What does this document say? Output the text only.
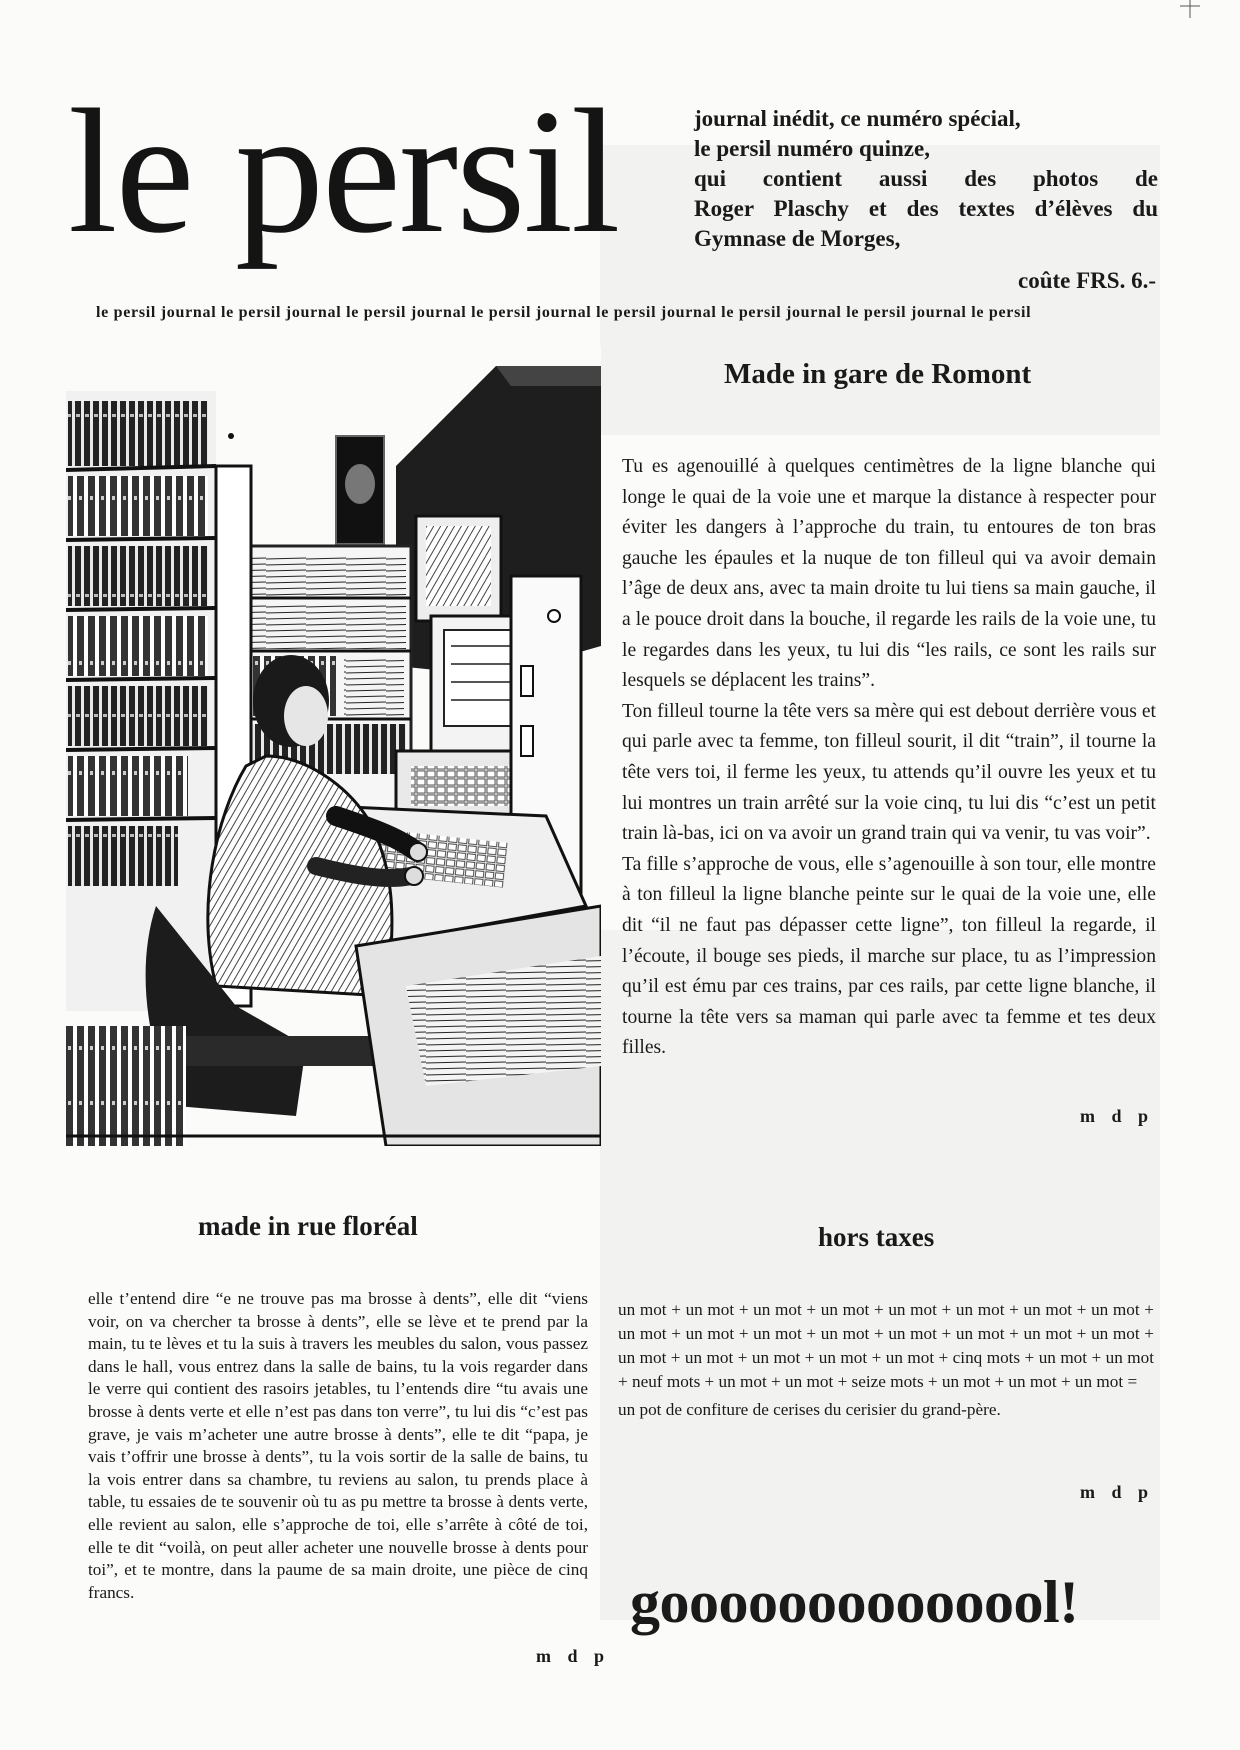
le persil	journal inédit, ce numéro spécial,
le persil numéro quinze,
qui contient aussi des photos de
Roger Plaschy et des textes d’élèves du
Gymnase de Morges,
coûte FRS. 6.-
le persil journal le persil journal le persil journal le persil journal le persil journal le persil journal le persil journal le persil
Made in gare de Romont

Tu es agenouillé à quelques centimètres de la ligne blanche qui longe le quai de la voie une et marque la distance à respecter pour éviter les dangers à l’approche du train, tu entoures de ton bras gauche les épaules et la nuque de ton filleul qui va avoir demain l’âge de deux ans, avec ta main droite tu lui tiens sa main gauche, il a le pouce droit dans la bouche, il regarde les rails de la voie une, tu le regardes dans les yeux, tu lui dis “les rails, ce sont les rails sur lesquels se déplacent les trains”.

Ton filleul tourne la tête vers sa mère qui est debout derrière vous et qui parle avec ta femme, ton filleul sourit, il dit “train”, il tourne la tête vers toi, il ferme les yeux, tu attends qu’il ouvre les yeux et tu lui montres un train arrêté sur la voie cinq, tu lui dis “c’est un petit train là-bas, ici on va avoir un grand train qui va venir, tu vas voir”.

Ta fille s’approche de vous, elle s’agenouille à son tour, elle montre à ton filleul la ligne blanche peinte sur le quai de la voie une, elle dit “il ne faut pas dépasser cette ligne”, ton filleul la regarde, il l’écoute, il bouge ses pieds, il marche sur place, tu as l’impression qu’il est ému par ces trains, par ces rails, par cette ligne blanche, il tourne la tête vers sa maman qui parle avec ta femme et tes deux filles.

m d p
made in rue floréal
elle t’entend dire “e ne trouve pas ma brosse à dents”, elle dit “viens voir, on va chercher ta brosse à dents”, elle se lève et te prend par la main, tu te lèves et tu la suis à travers les meubles du salon, vous passez dans le hall, vous entrez dans la salle de bains, tu la vois regarder dans le verre qui contient des rasoirs jetables, tu l’entends dire “tu avais une brosse à dents verte et elle n’est pas dans ton verre”, tu lui dis “c’est pas grave, je vais m’acheter une autre brosse à dents”, elle te dit “papa, je vais t’offrir une brosse à dents”, tu la vois sortir de la salle de bains, tu la vois entrer dans sa chambre, tu reviens au salon, tu prends place à table, tu essaies de te souvenir où tu as pu mettre ta brosse à dents verte, elle revient au salon, elle s’approche de toi, elle s’arrête à côté de toi, elle te dit “voilà, on peut aller acheter une nouvelle brosse à dents pour toi”, et te montre, dans la paume de sa main droite, une pièce de cinq francs.
m d p
hors taxes
un mot + un mot + un mot + un mot + un mot + un mot + un mot + un mot + un mot + un mot + un mot + un mot + un mot + un mot + un mot + un mot + un mot + un mot + un mot + un mot + un mot + cinq mots + un mot + un mot + neuf mots + un mot + un mot + seize mots + un mot + un mot + un mot =
un pot de confiture de cerises du cerisier du grand-père.
m d p
goooooooooooool!
